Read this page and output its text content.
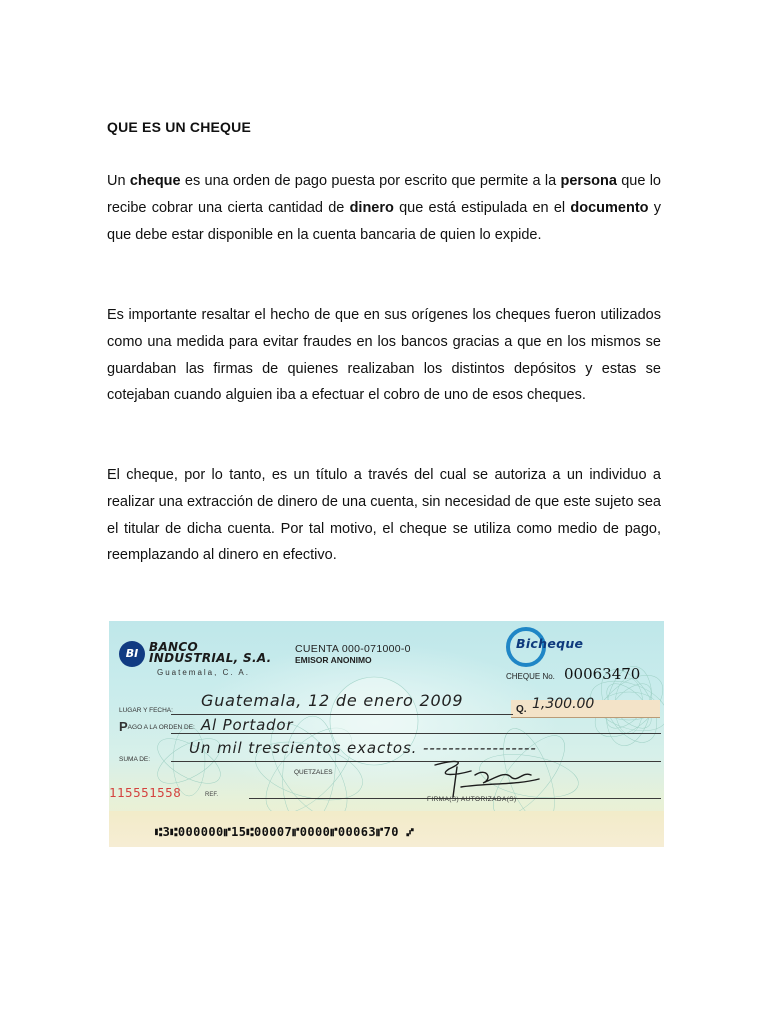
QUE ES UN CHEQUE

Un cheque es una orden de pago puesta por escrito que permite a la persona que lo recibe cobrar una cierta cantidad de dinero que está estipulada en el documento y que debe estar disponible en la cuenta bancaria de quien lo expide.

Es importante resaltar el hecho de que en sus orígenes los cheques fueron utilizados como una medida para evitar fraudes en los bancos gracias a que en los mismos se guardaban las firmas de quienes realizaban los distintos depósitos y estas se cotejaban cuando alguien iba a efectuar el cobro de uno de esos cheques.

El cheque, por lo tanto, es un título a través del cual se autoriza a un individuo a realizar una extracción de dinero de una cuenta, sin necesidad de que este sujeto sea el titular de dicha cuenta. Por tal motivo, el cheque se utiliza como medio de pago, reemplazando al dinero en efectivo.

BI BANCO
INDUSTRIAL, S.A.
Guatemala, C. A.
CUENTA 000-071000-0
EMISOR ANONIMO
Bicheque
CHEQUE No. 00063470
Q. 1,300.00
LUGAR Y FECHA:
PAGO A LA ORDEN DE:
SUMA DE:
QUETZALES
Guatemala, 12 de enero 2009
Al Portador
Un mil trescientos exactos. ------------------
115551558	REF.
FIRMA(S) AUTORIZADA(S)
⑆3⑆000000⑈15⑆00007⑈0000⑈00063⑈70 ⑇
